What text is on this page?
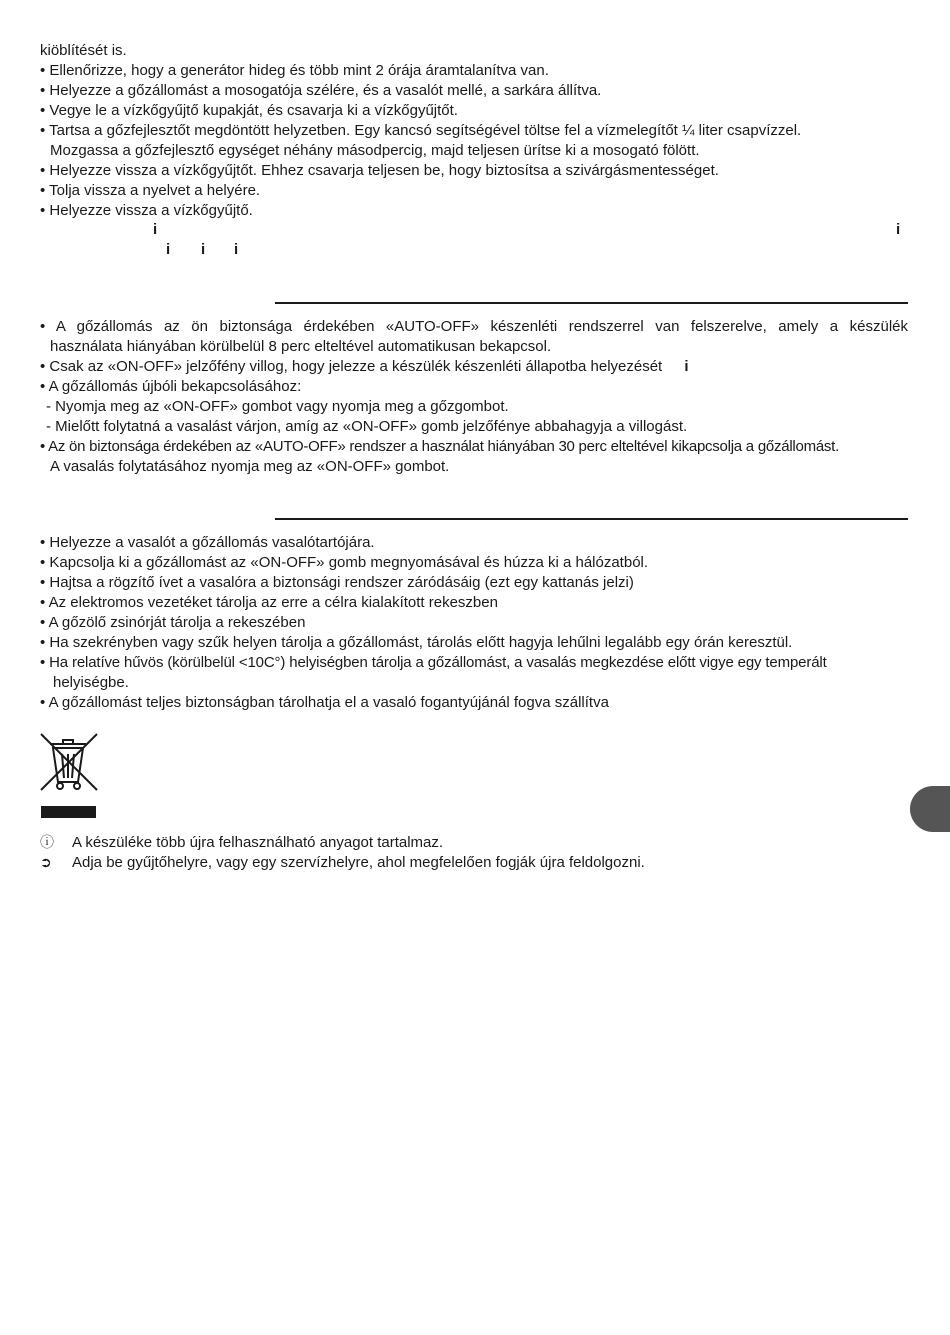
kiöblítését is.
• Ellenőrizze, hogy a generátor hideg és több mint 2 órája áramtalanítva van.
• Helyezze a gőzállomást a mosogatója szélére, és a vasalót mellé, a sarkára állítva.
• Vegye le a vízkőgyűjtő kupakját, és csavarja ki a vízkőgyűjtőt.
• Tartsa a gőzfejlesztőt megdöntött helyzetben. Egy kancsó segítségével töltse fel a vízmelegítőt ¼ liter csapvízzel.
Mozgassa a gőzfejlesztő egységet néhány másodpercig, majd teljesen ürítse ki a mosogató fölött.
• Helyezze vissza a vízkőgyűjtőt. Ehhez csavarja teljesen be, hogy biztosítsa a szivárgásmentességet.
• Tolja vissza a nyelvet a helyére.
• Helyezze vissza a vízkőgyűjtő.
i	i
i i i
• A gőzállomás az ön biztonsága érdekében «AUTO-OFF» készenléti rendszerrel van felszerelve, amely a készülék
használata hiányában körülbelül 8 perc elteltével automatikusan bekapcsol.
• Csak az «ON-OFF» jelzőfény villog, hogy jelezze a készülék készenléti állapotba helyezését i
• A gőzállomás újbóli bekapcsolásához:
- Nyomja meg az «ON-OFF» gombot vagy nyomja meg a gőzgombot.
- Mielőtt folytatná a vasalást várjon, amíg az «ON-OFF» gomb jelzőfénye abbahagyja a villogást.
• Az ön biztonsága érdekében az «AUTO-OFF» rendszer a használat hiányában 30 perc elteltével kikapcsolja a gőzállomást.
A vasalás folytatásához nyomja meg az «ON-OFF» gombot.
• Helyezze a vasalót a gőzállomás vasalótartójára.
• Kapcsolja ki a gőzállomást az «ON-OFF» gomb megnyomásával és húzza ki a hálózatból.
• Hajtsa a rögzítő ívet a vasalóra a biztonsági rendszer záródásáig (ezt egy kattanás jelzi)
• Az elektromos vezetéket tárolja az erre a célra kialakított rekeszben
• A gőzölő zsinórját tárolja a rekeszében
• Ha szekrényben vagy szűk helyen tárolja a gőzállomást, tárolás előtt hagyja lehűlni legalább egy órán keresztül.
• Ha relatíve hűvös (körülbelül <10C°) helyiségben tárolja a gőzállomást, a vasalás megkezdése előtt vigye egy temperált
helyiségbe.
• A gőzállomást teljes biztonságban tárolhatja el a vasaló fogantyújánál fogva szállítva
ⓘ A készüléke több újra felhasználható anyagot tartalmaz.
➲ Adja be gyűjtőhelyre, vagy egy szervízhelyre, ahol megfelelően fogják újra feldolgozni.
